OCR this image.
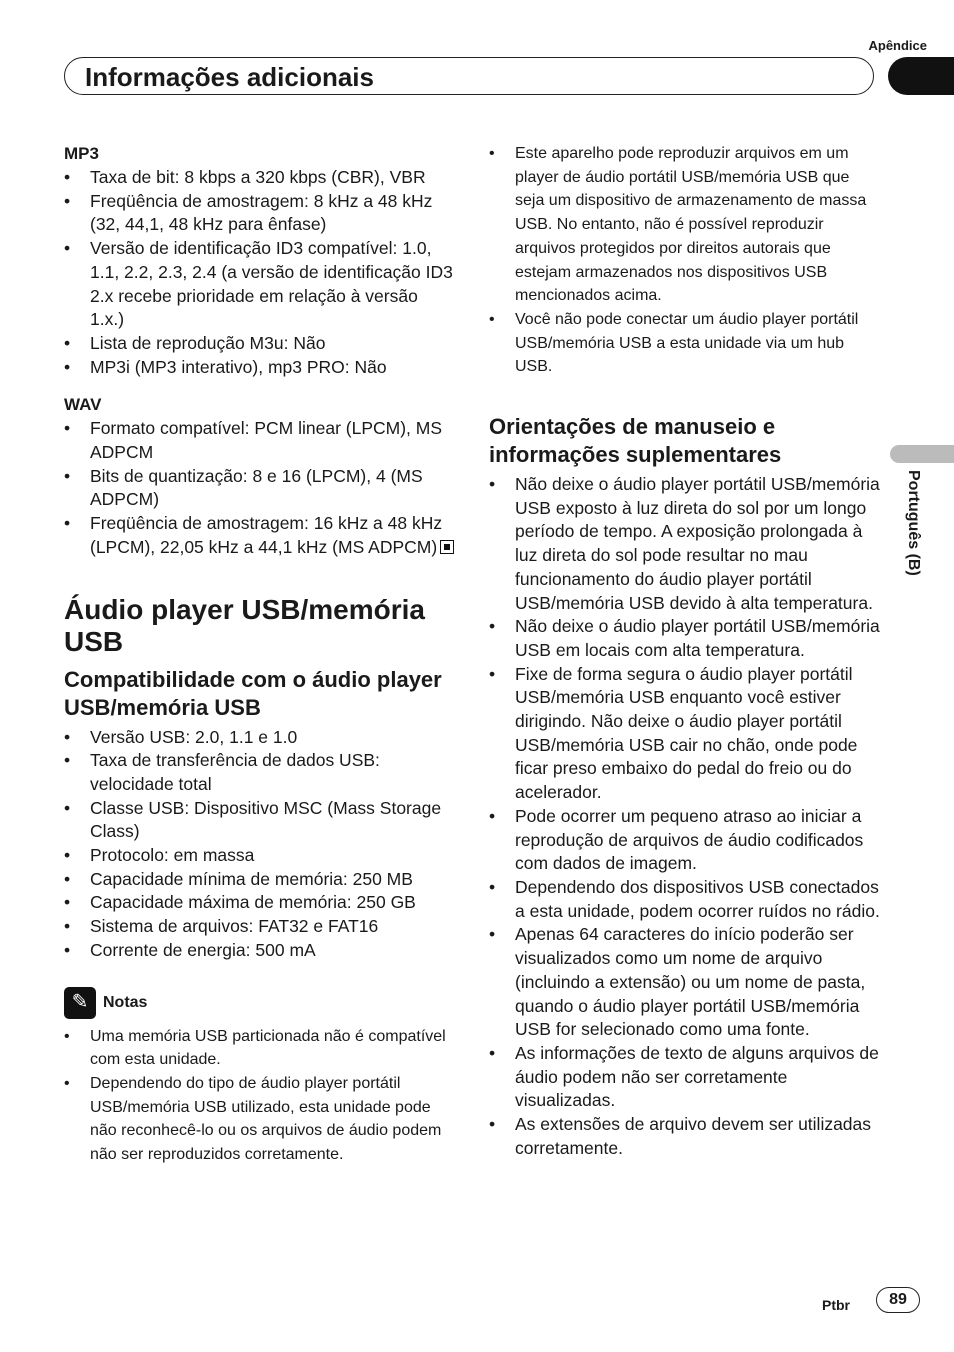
Apêndice
Informações adicionais
Português (B)

MP3

• Taxa de bit: 8 kbps a 320 kbps (CBR), VBR
• Freqüência de amostragem: 8 kHz a 48 kHz (32, 44,1, 48 kHz para ênfase)
• Versão de identificação ID3 compatível: 1.0, 1.1, 2.2, 2.3, 2.4 (a versão de identificação ID3 2.x recebe prioridade em relação à versão 1.x.)
• Lista de reprodução M3u: Não
• MP3i (MP3 interativo), mp3 PRO: Não

WAV

• Formato compatível: PCM linear (LPCM), MS ADPCM
• Bits de quantização: 8 e 16 (LPCM), 4 (MS ADPCM)
• Freqüência de amostragem: 16 kHz a 48 kHz (LPCM), 22,05 kHz a 44,1 kHz (MS ADPCM)
Áudio player USB/memória USB
Compatibilidade com o áudio player USB/memória USB
• Versão USB: 2.0, 1.1 e 1.0
• Taxa de transferência de dados USB: velocidade total
• Classe USB: Dispositivo MSC (Mass Storage Class)
• Protocolo: em massa
• Capacidade mínima de memória: 250 MB
• Capacidade máxima de memória: 250 GB
• Sistema de arquivos: FAT32 e FAT16
• Corrente de energia: 500 mA
✎ Notas
• Uma memória USB particionada não é compatível com esta unidade.
• Dependendo do tipo de áudio player portátil USB/memória USB utilizado, esta unidade pode não reconhecê-lo ou os arquivos de áudio podem não ser reproduzidos corretamente.
• Este aparelho pode reproduzir arquivos em um player de áudio portátil USB/memória USB que seja um dispositivo de armazenamento de massa USB. No entanto, não é possível reproduzir arquivos protegidos por direitos autorais que estejam armazenados nos dispositivos USB mencionados acima.
• Você não pode conectar um áudio player portátil USB/memória USB a esta unidade via um hub USB.
Orientações de manuseio e informações suplementares
• Não deixe o áudio player portátil USB/memória USB exposto à luz direta do sol por um longo período de tempo. A exposição prolongada à luz direta do sol pode resultar no mau funcionamento do áudio player portátil USB/memória USB devido à alta temperatura.
• Não deixe o áudio player portátil USB/memória USB em locais com alta temperatura.
• Fixe de forma segura o áudio player portátil USB/memória USB enquanto você estiver dirigindo. Não deixe o áudio player portátil USB/memória USB cair no chão, onde pode ficar preso embaixo do pedal do freio ou do acelerador.
• Pode ocorrer um pequeno atraso ao iniciar a reprodução de arquivos de áudio codificados com dados de imagem.
• Dependendo dos dispositivos USB conectados a esta unidade, podem ocorrer ruídos no rádio.
• Apenas 64 caracteres do início poderão ser visualizados como um nome de arquivo (incluindo a extensão) ou um nome de pasta, quando o áudio player portátil USB/memória USB for selecionado como uma fonte.
• As informações de texto de alguns arquivos de áudio podem não ser corretamente visualizadas.
• As extensões de arquivo devem ser utilizadas corretamente.
Ptbr	89
